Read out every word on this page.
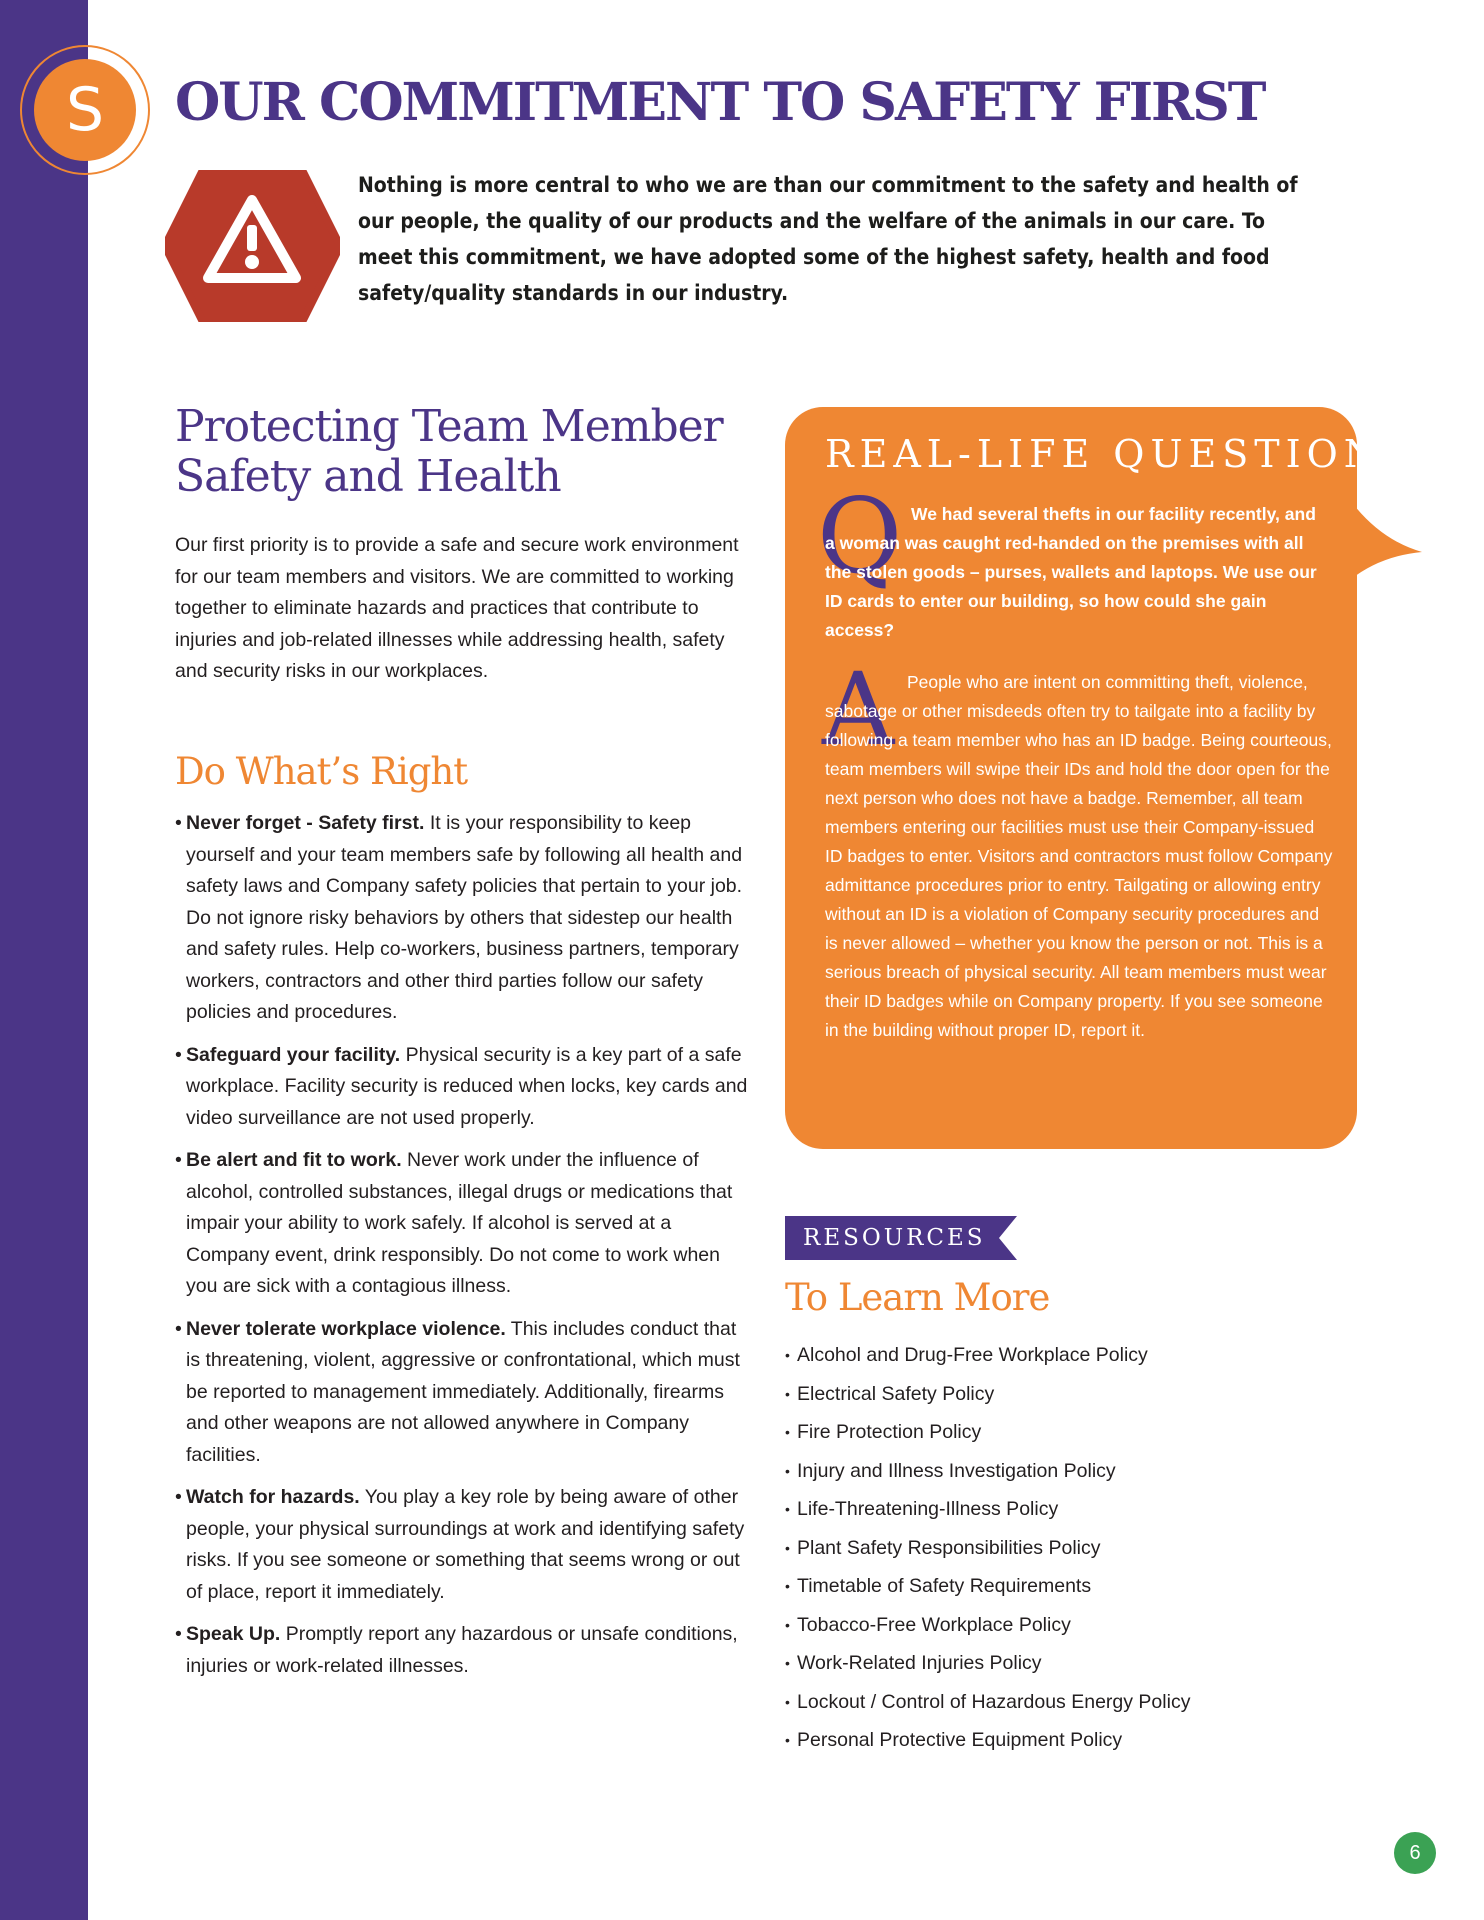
S	OUR COMMITMENT TO SAFETY FIRST

Nothing is more central to who we are than our commitment to the safety and health of our people, the quality of our products and the welfare of the animals in our care. To meet this commitment, we have adopted some of the highest safety, health and food safety/quality standards in our industry.

Protecting Team Member
Safety and Health

Our first priority is to provide a safe and secure work environment for our team members and visitors. We are committed to working together to eliminate hazards and practices that contribute to injuries and job-related illnesses while addressing health, safety and security risks in our workplaces.

Do What’s Right
• Never forget - Safety first. It is your responsibility to keep yourself and your team members safe by following all health and safety laws and Company safety policies that pertain to your job. Do not ignore risky behaviors by others that sidestep our health and safety rules. Help co-workers, business partners, temporary workers, contractors and other third parties follow our safety policies and procedures.
• Safeguard your facility. Physical security is a key part of a safe workplace. Facility security is reduced when locks, key cards and video surveillance are not used properly.
• Be alert and fit to work. Never work under the influence of alcohol, controlled substances, illegal drugs or medications that impair your ability to work safely. If alcohol is served at a Company event, drink responsibly. Do not come to work when you are sick with a contagious illness.
• Never tolerate workplace violence. This includes conduct that is threatening, violent, aggressive or confrontational, which must be reported to management immediately. Additionally, firearms and other weapons are not allowed anywhere in Company facilities.
• Watch for hazards. You play a key role by being aware of other people, your physical surroundings at work and identifying safety risks. If you see someone or something that seems wrong or out of place, report it immediately.
• Speak Up. Promptly report any hazardous or unsafe conditions, injuries or work-related illnesses.
REAL-LIFE QUESTION
Q We had several thefts in our facility recently, and a woman was caught red-handed on the premises with all the stolen goods – purses, wallets and laptops. We use our ID cards to enter our building, so how could she gain access?

A People who are intent on committing theft, violence, sabotage or other misdeeds often try to tailgate into a facility by following a team member who has an ID badge. Being courteous, team members will swipe their IDs and hold the door open for the next person who does not have a badge. Remember, all team members entering our facilities must use their Company-issued ID badges to enter. Visitors and contractors must follow Company admittance procedures prior to entry. Tailgating or allowing entry without an ID is a violation of Company security procedures and is never allowed – whether you know the person or not. This is a serious breach of physical security. All team members must wear their ID badges while on Company property. If you see someone in the building without proper ID, report it.

RESOURCES

To Learn More
• Alcohol and Drug-Free Workplace Policy
• Electrical Safety Policy
• Fire Protection Policy
• Injury and Illness Investigation Policy
• Life-Threatening-Illness Policy
• Plant Safety Responsibilities Policy
• Timetable of Safety Requirements
• Tobacco-Free Workplace Policy
• Work-Related Injuries Policy
• Lockout / Control of Hazardous Energy Policy
• Personal Protective Equipment Policy
6
